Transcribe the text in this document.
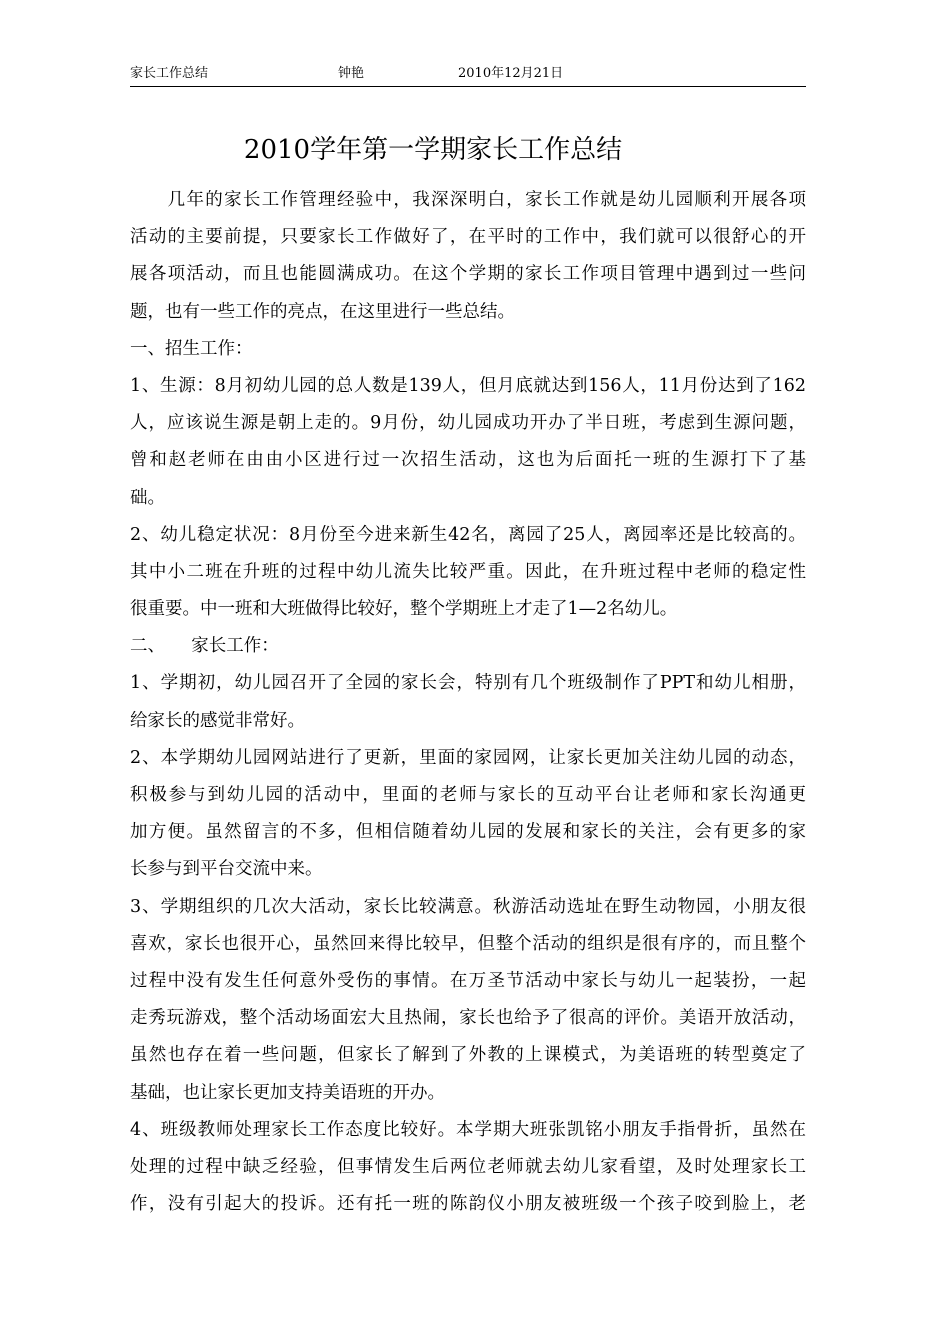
家长工作总结	钟艳	2010年12月21日
2010学年第一学期家长工作总结
　　几年的家长工作管理经验中，我深深明白，家长工作就是幼儿园顺利开展各项
活动的主要前提，只要家长工作做好了，在平时的工作中，我们就可以很舒心的开
展各项活动，而且也能圆满成功。在这个学期的家长工作项目管理中遇到过一些问
题，也有一些工作的亮点，在这里进行一些总结。
一、招生工作：
1、生源：8月初幼儿园的总人数是139人，但月底就达到156人，11月份达到了162
人，应该说生源是朝上走的。9月份，幼儿园成功开办了半日班，考虑到生源问题，
曾和赵老师在由由小区进行过一次招生活动，这也为后面托一班的生源打下了基
础。
2、幼儿稳定状况：8月份至今进来新生42名，离园了25人，离园率还是比较高的。
其中小二班在升班的过程中幼儿流失比较严重。因此，在升班过程中老师的稳定性
很重要。中一班和大班做得比较好，整个学期班上才走了1—2名幼儿。
二、　　家长工作：
1、学期初，幼儿园召开了全园的家长会，特别有几个班级制作了PPT和幼儿相册，
给家长的感觉非常好。
2、本学期幼儿园网站进行了更新，里面的家园网，让家长更加关注幼儿园的动态，
积极参与到幼儿园的活动中，里面的老师与家长的互动平台让老师和家长沟通更
加方便。虽然留言的不多，但相信随着幼儿园的发展和家长的关注，会有更多的家
长参与到平台交流中来。
3、学期组织的几次大活动，家长比较满意。秋游活动选址在野生动物园，小朋友很
喜欢，家长也很开心，虽然回来得比较早，但整个活动的组织是很有序的，而且整个
过程中没有发生任何意外受伤的事情。在万圣节活动中家长与幼儿一起装扮，一起
走秀玩游戏，整个活动场面宏大且热闹，家长也给予了很高的评价。美语开放活动，
虽然也存在着一些问题，但家长了解到了外教的上课模式，为美语班的转型奠定了
基础，也让家长更加支持美语班的开办。
4、班级教师处理家长工作态度比较好。本学期大班张凯铭小朋友手指骨折，虽然在
处理的过程中缺乏经验，但事情发生后两位老师就去幼儿家看望，及时处理家长工
作，没有引起大的投诉。还有托一班的陈韵仪小朋友被班级一个孩子咬到脸上，老
